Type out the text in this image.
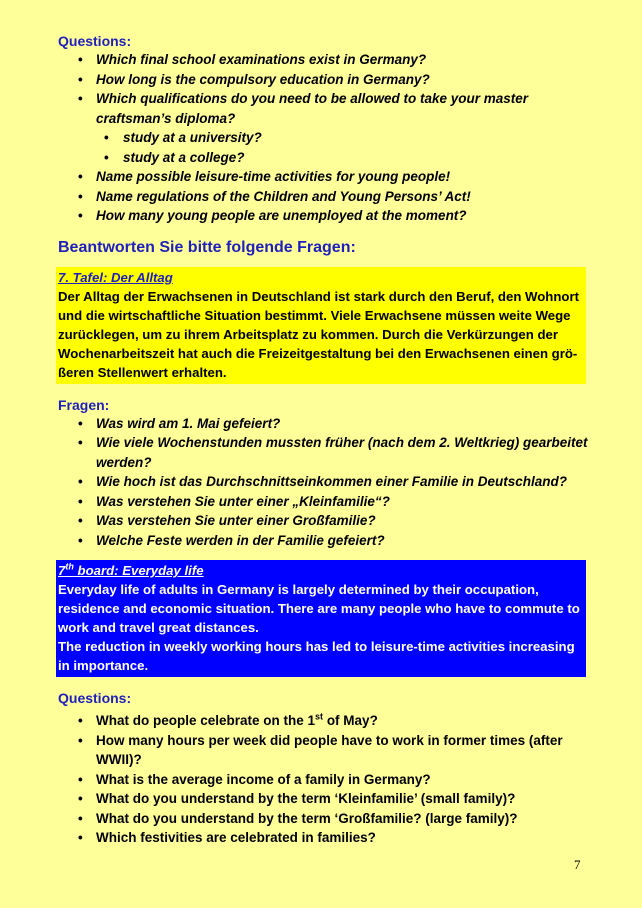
Questions:
• Which final school examinations exist in Germany?
• How long is the compulsory education in Germany?
• Which qualifications do you need to be allowed to take your master craftsman’s diploma?
• study at a university?
• study at a college?
• Name possible leisure-time activities for young people!
• Name regulations of the Children and Young Persons’ Act!
• How many young people are unemployed at the moment?
Beantworten Sie bitte folgende Fragen:
7. Tafel: Der Alltag
Der Alltag der Erwachsenen in Deutschland ist stark durch den Beruf, den Wohnort und die wirtschaftliche Situation bestimmt. Viele Erwachsene müssen weite Wege zurücklegen, um zu ihrem Arbeitsplatz zu kommen. Durch die Verkürzungen der Wochenarbeitszeit hat auch die Freizeitgestaltung bei den Erwachsenen einen grö-ßeren Stellenwert erhalten.
Fragen:
• Was wird am 1. Mai gefeiert?
• Wie viele Wochenstunden mussten früher (nach dem 2. Weltkrieg) gearbeitet werden?
• Wie hoch ist das Durchschnittseinkommen einer Familie in Deutschland?
• Was verstehen Sie unter einer „Kleinfamilie“?
• Was verstehen Sie unter einer Großfamilie?
• Welche Feste werden in der Familie gefeiert?
7th board: Everyday life
Everyday life of adults in Germany is largely determined by their occupation, residence and economic situation. There are many people who have to commute to work and travel great distances.
The reduction in weekly working hours has led to leisure-time activities increasing in importance.
Questions:
• What do people celebrate on the 1st of May?
• How many hours per week did people have to work in former times (after WWII)?
• What is the average income of a family in Germany?
• What do you understand by the term ‘Kleinfamilie’ (small family)?
• What do you understand by the term ‘Großfamilie? (large family)?
• Which festivities are celebrated in families?
7
